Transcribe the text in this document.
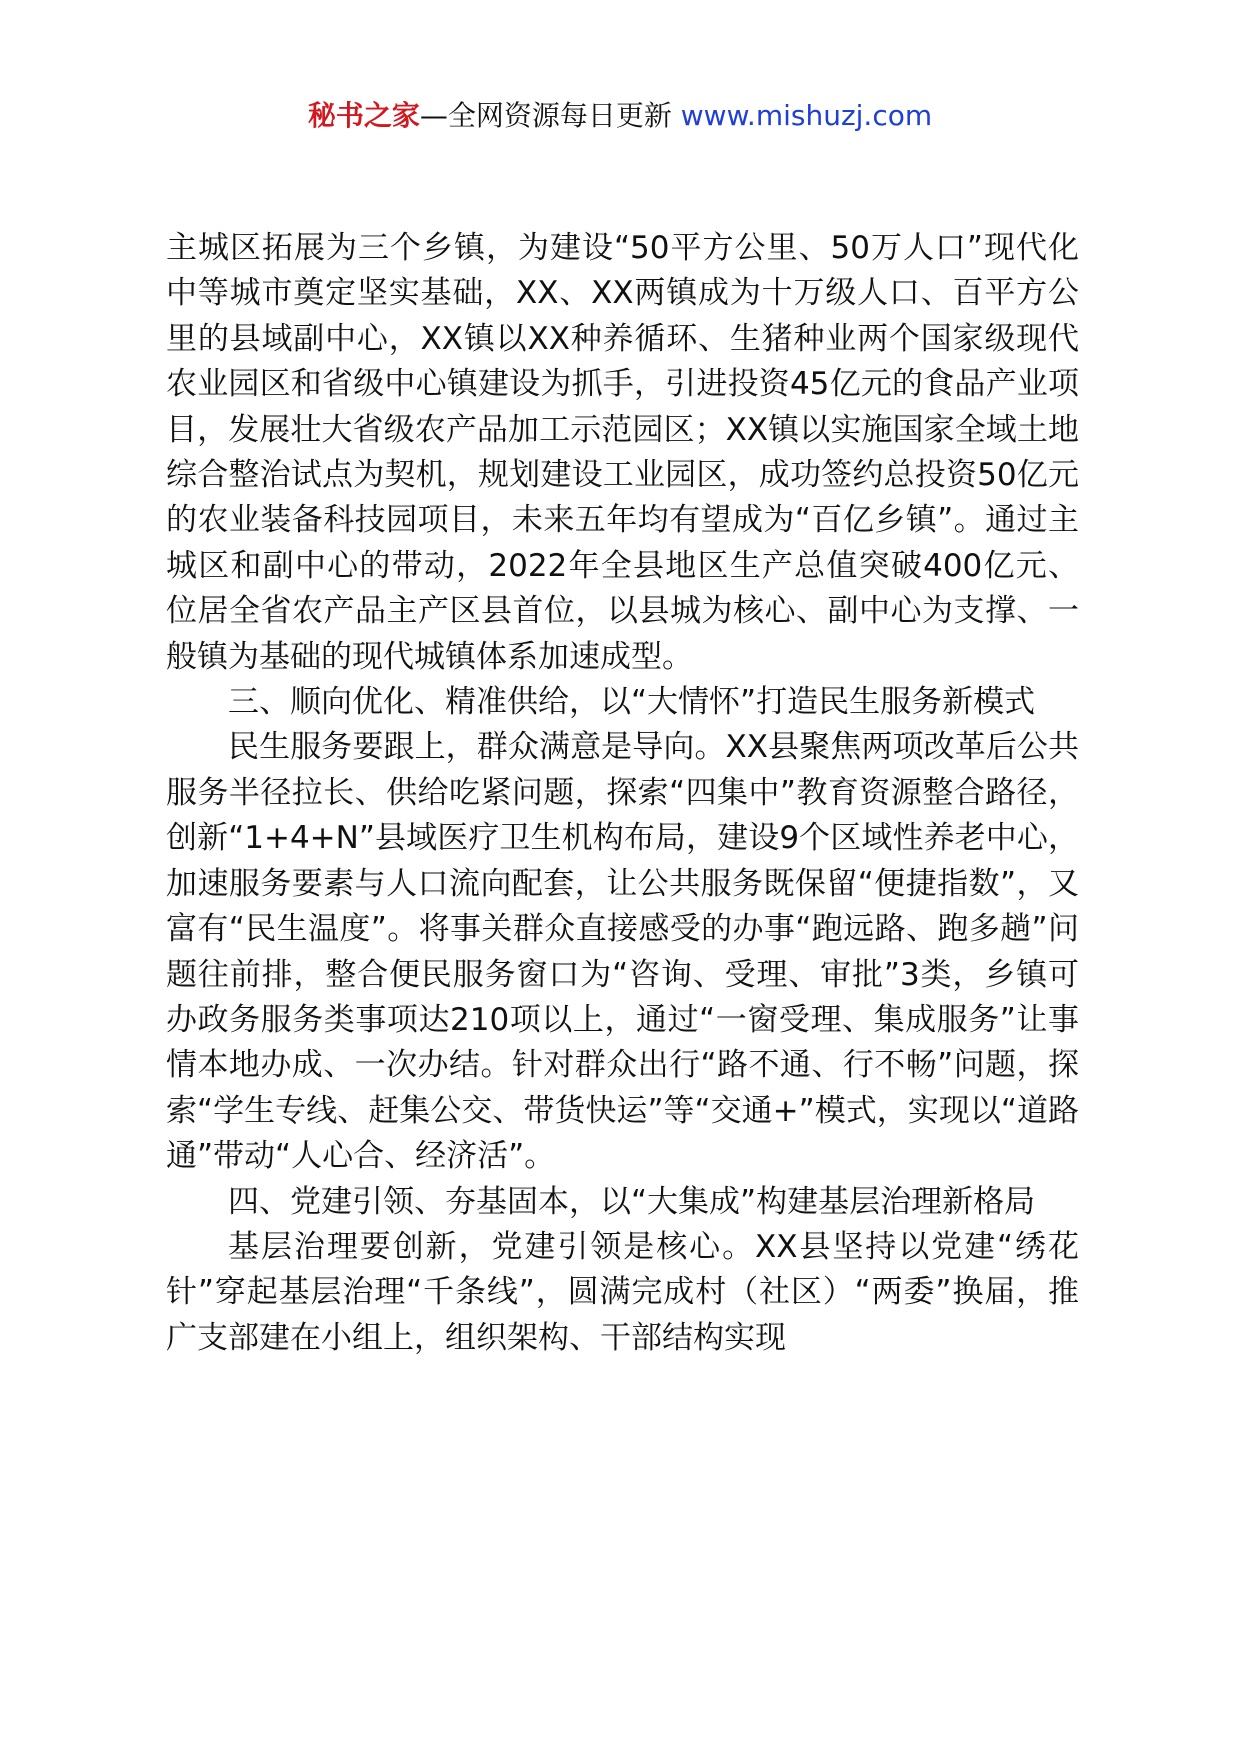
秘书之家—全网资源每日更新 www.mishuzj.com

主城区拓展为三个乡镇，为建设“50平方公里、50万人口”现代化中等城市奠定坚实基础，XX、XX两镇成为十万级人口、百平方公里的县域副中心，XX镇以XX种养循环、生猪种业两个国家级现代农业园区和省级中心镇建设为抓手，引进投资45亿元的食品产业项目，发展壮大省级农产品加工示范园区；XX镇以实施国家全域土地综合整治试点为契机，规划建设工业园区，成功签约总投资50亿元的农业装备科技园项目，未来五年均有望成为“百亿乡镇”。通过主城区和副中心的带动，2022年全县地区生产总值突破400亿元、位居全省农产品主产区县首位，以县城为核心、副中心为支撑、一般镇为基础的现代城镇体系加速成型。

三、顺向优化、精准供给，以“大情怀”打造民生服务新模式

民生服务要跟上，群众满意是导向。XX县聚焦两项改革后公共服务半径拉长、供给吃紧问题，探索“四集中”教育资源整合路径，创新“1+4+N”县域医疗卫生机构布局，建设9个区域性养老中心，加速服务要素与人口流向配套，让公共服务既保留“便捷指数”，又富有“民生温度”。将事关群众直接感受的办事“跑远路、跑多趟”问题往前排，整合便民服务窗口为“咨询、受理、审批”3类，乡镇可办政务服务类事项达210项以上，通过“一窗受理、集成服务”让事情本地办成、一次办结。针对群众出行“路不通、行不畅”问题，探索“学生专线、赶集公交、带货快运”等“交通+”模式，实现以“道路通”带动“人心合、经济活”。

四、党建引领、夯基固本，以“大集成”构建基层治理新格局

基层治理要创新，党建引领是核心。XX县坚持以党建“绣花针”穿起基层治理“千条线”，圆满完成村（社区）“两委”换届，推广支部建在小组上，组织架构、干部结构实现
